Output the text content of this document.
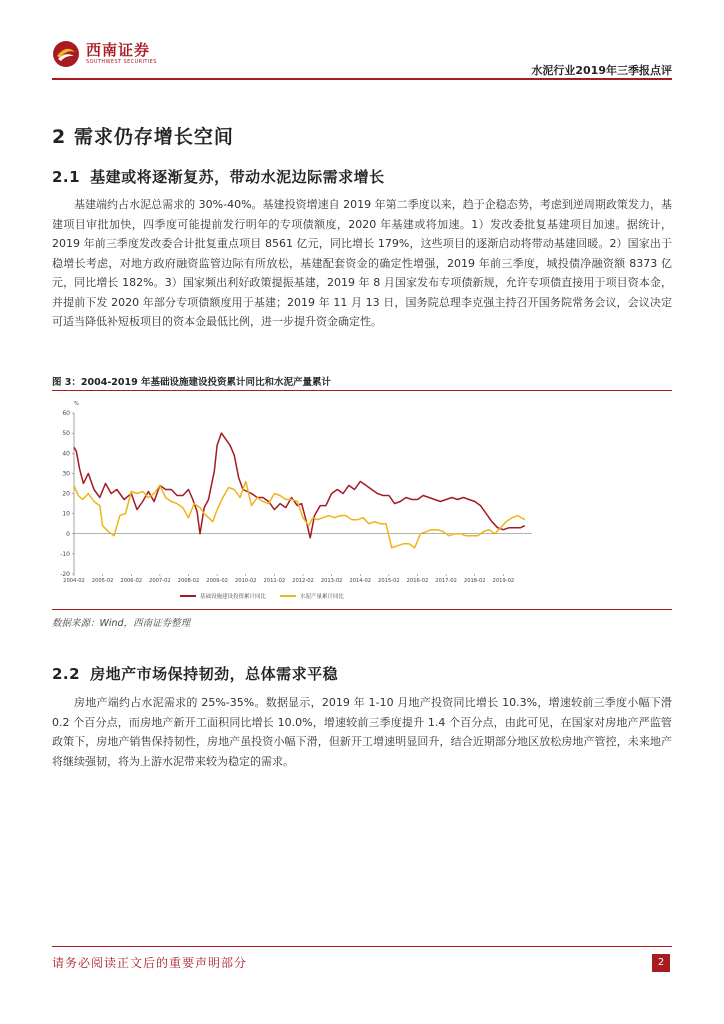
西南证券
SOUTHWEST SECURITIES
水泥行业2019年三季报点评
2 需求仍存增长空间
2.1 基建或将逐渐复苏，带动水泥边际需求增长

基建端约占水泥总需求的 30%-40%。基建投资增速自 2019 年第二季度以来，趋于企稳态势，考虑到逆周期政策发力，基建项目审批加快，四季度可能提前发行明年的专项债额度，2020 年基建或将加速。1）发改委批复基建项目加速。据统计，2019 年前三季度发改委合计批复重点项目 8561 亿元，同比增长 179%，这些项目的逐渐启动将带动基建回暖。2）国家出于稳增长考虑，对地方政府融资监管边际有所放松，基建配套资金的确定性增强，2019 年前三季度，城投债净融资额 8373 亿元，同比增长 182%。3）国家频出利好政策提振基建，2019 年 8 月国家发布专项债新规，允许专项债直接用于项目资本金，并提前下发 2020 年部分专项债额度用于基建；2019 年 11 月 13 日，国务院总理李克强主持召开国务院常务会议，会议决定可适当降低补短板项目的资本金最低比例，进一步提升资金确定性。

图 3：2004-2019 年基础设施建设投资累计同比和水泥产量累计
%
-20
-10
0
10
20
30
40
50
60
2004-02 2005-02 2006-02 2007-02 2008-02 2009-02 2010-02 2011-02 2012-02 2013-02 2014-02 2015-02 2016-02 2017-02 2018-02 2019-02
基础设施建设投资累计同比	水泥产量累计同比
数据来源：Wind，西南证券整理
2.2 房地产市场保持韧劲，总体需求平稳

房地产端约占水泥需求的 25%-35%。数据显示，2019 年 1-10 月地产投资同比增长 10.3%，增速较前三季度小幅下滑 0.2 个百分点，而房地产新开工面积同比增长 10.0%，增速较前三季度提升 1.4 个百分点，由此可见，在国家对房地产严监管政策下，房地产销售保持韧性，房地产虽投资小幅下滑，但新开工增速明显回升，结合近期部分地区放松房地产管控，未来地产将继续强韧，将为上游水泥带来较为稳定的需求。

请务必阅读正文后的重要声明部分	2
